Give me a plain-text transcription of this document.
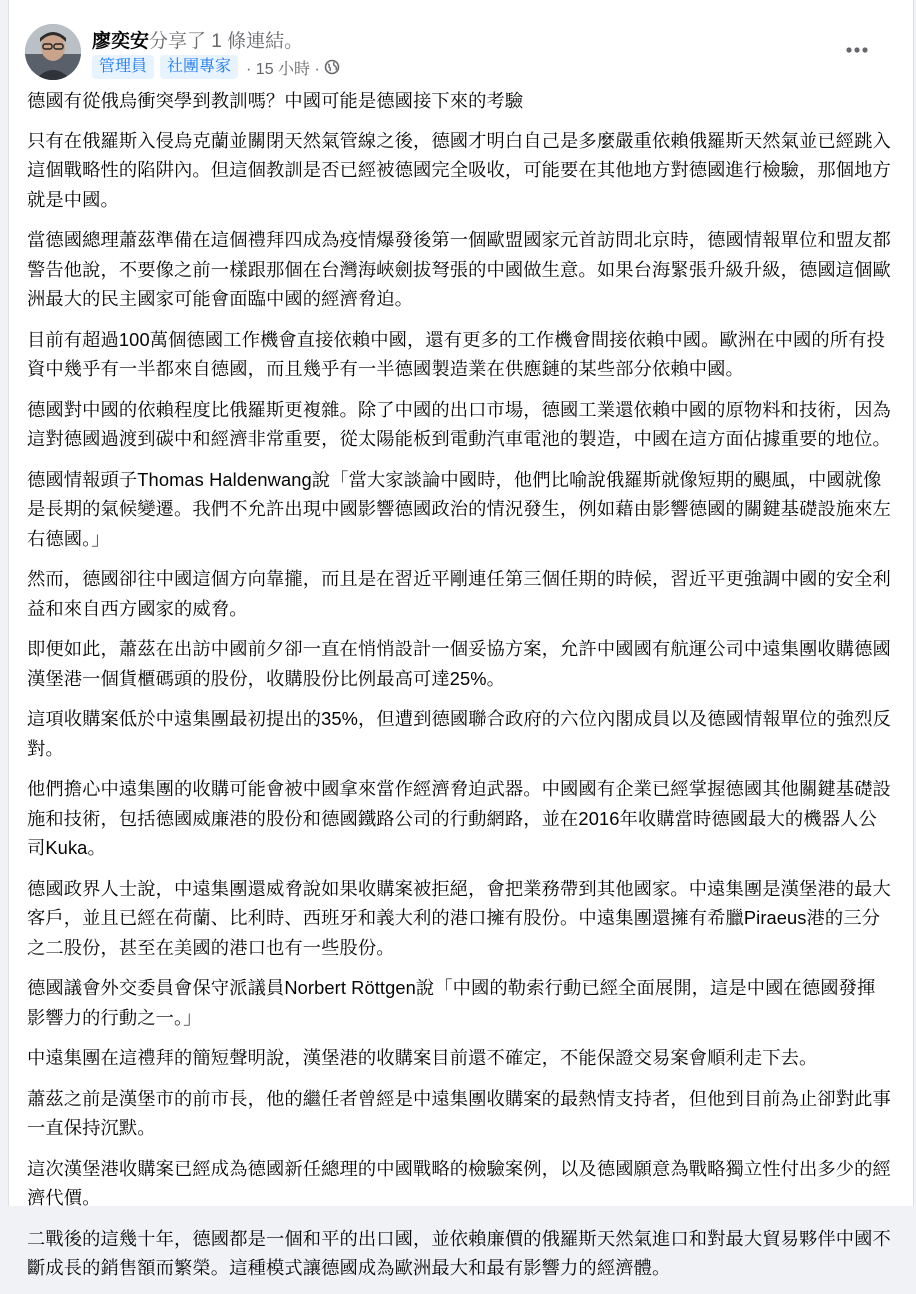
廖奕安分享了 1 條連結。
管理員	社團專家 · 15 小時 ·

德國有從俄烏衝突學到教訓嗎？中國可能是德國接下來的考驗

只有在俄羅斯入侵烏克蘭並關閉天然氣管線之後，德國才明白自己是多麼嚴重依賴俄羅斯天然氣並已經跳入這個戰略性的陷阱內。但這個教訓是否已經被德國完全吸收，可能要在其他地方對德國進行檢驗，那個地方就是中國。

當德國總理蕭茲準備在這個禮拜四成為疫情爆發後第一個歐盟國家元首訪問北京時，德國情報單位和盟友都警告他說，不要像之前一樣跟那個在台灣海峽劍拔弩張的中國做生意。如果台海緊張升級升級，德國這個歐洲最大的民主國家可能會面臨中國的經濟脅迫。

目前有超過100萬個德國工作機會直接依賴中國，還有更多的工作機會間接依賴中國。歐洲在中國的所有投資中幾乎有一半都來自德國，而且幾乎有一半德國製造業在供應鏈的某些部分依賴中國。

德國對中國的依賴程度比俄羅斯更複雜。除了中國的出口市場，德國工業還依賴中國的原物料和技術，因為這對德國過渡到碳中和經濟非常重要，從太陽能板到電動汽車電池的製造，中國在這方面佔據重要的地位。

德國情報頭子Thomas Haldenwang說「當大家談論中國時，他們比喻說俄羅斯就像短期的颶風，中國就像是長期的氣候變遷。我們不允許出現中國影響德國政治的情況發生，例如藉由影響德國的關鍵基礎設施來左右德國。」

然而，德國卻往中國這個方向靠攏，而且是在習近平剛連任第三個任期的時候，習近平更強調中國的安全利益和來自西方國家的威脅。

即便如此，蕭茲在出訪中國前夕卻一直在悄悄設計一個妥協方案，允許中國國有航運公司中遠集團收購德國漢堡港一個貨櫃碼頭的股份，收購股份比例最高可達25%。

這項收購案低於中遠集團最初提出的35%，但遭到德國聯合政府的六位內閣成員以及德國情報單位的強烈反對。

他們擔心中遠集團的收購可能會被中國拿來當作經濟脅迫武器。中國國有企業已經掌握德國其他關鍵基礎設施和技術，包括德國威廉港的股份和德國鐵路公司的行動網路，並在2016年收購當時德國最大的機器人公司Kuka。

德國政界人士說，中遠集團還威脅說如果收購案被拒絕，會把業務帶到其他國家。中遠集團是漢堡港的最大客戶，並且已經在荷蘭、比利時、西班牙和義大利的港口擁有股份。中遠集團還擁有希臘Piraeus港的三分之二股份，甚至在美國的港口也有一些股份。

德國議會外交委員會保守派議員Norbert Röttgen說「中國的勒索行動已經全面展開，這是中國在德國發揮影響力的行動之一。」

中遠集團在這禮拜的簡短聲明說，漢堡港的收購案目前還不確定，不能保證交易案會順利走下去。

蕭茲之前是漢堡市的前市長，他的繼任者曾經是中遠集團收購案的最熱情支持者，但他到目前為止卻對此事一直保持沉默。

這次漢堡港收購案已經成為德國新任總理的中國戰略的檢驗案例，以及德國願意為戰略獨立性付出多少的經濟代價。

二戰後的這幾十年，德國都是一個和平的出口國，並依賴廉價的俄羅斯天然氣進口和對最大貿易夥伴中國不斷成長的銷售額而繁榮。這種模式讓德國成為歐洲最大和最有影響力的經濟體。
